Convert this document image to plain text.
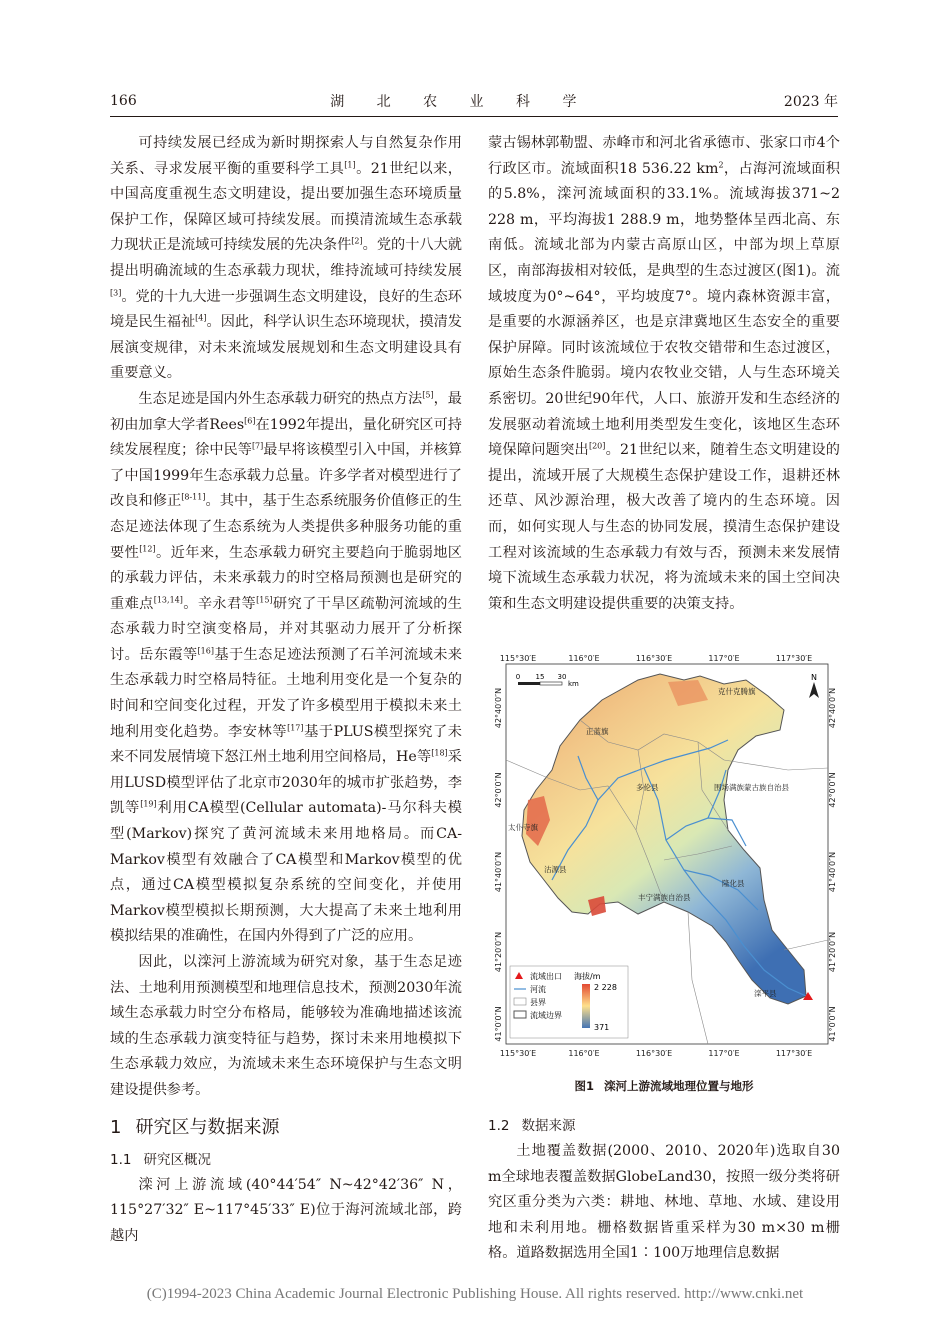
166	湖 北 农 业 科 学	2023 年

可持续发展已经成为新时期探索人与自然复杂作用关系、寻求发展平衡的重要科学工具[1]。21世纪以来，中国高度重视生态文明建设，提出要加强生态环境质量保护工作，保障区域可持续发展。而摸清流域生态承载力现状正是流域可持续发展的先决条件[2]。党的十八大就提出明确流域的生态承载力现状，维持流域可持续发展[3]。党的十九大进一步强调生态文明建设，良好的生态环境是民生福祉[4]。因此，科学认识生态环境现状，摸清发展演变规律，对未来流域发展规划和生态文明建设具有重要意义。

生态足迹是国内外生态承载力研究的热点方法[5]，最初由加拿大学者Rees[6]在1992年提出，量化研究区可持续发展程度；徐中民等[7]最早将该模型引入中国，并核算了中国1999年生态承载力总量。许多学者对模型进行了改良和修正[8-11]。其中，基于生态系统服务价值修正的生态足迹法体现了生态系统为人类提供多种服务功能的重要性[12]。近年来，生态承载力研究主要趋向于脆弱地区的承载力评估，未来承载力的时空格局预测也是研究的重难点[13,14]。辛永君等[15]研究了干旱区疏勒河流域的生态承载力时空演变格局，并对其驱动力展开了分析探讨。岳东霞等[16]基于生态足迹法预测了石羊河流域未来生态承载力时空格局特征。土地利用变化是一个复杂的时间和空间变化过程，开发了许多模型用于模拟未来土地利用变化趋势。李安林等[17]基于PLUS模型探究了未来不同发展情境下怒江州土地利用空间格局，He等[18]采用LUSD模型评估了北京市2030年的城市扩张趋势，李凯等[19]利用CA模型(Cellular automata)-马尔科夫模型(Markov)探究了黄河流域未来用地格局。而CA-Markov模型有效融合了CA模型和Markov模型的优点，通过CA模型模拟复杂系统的空间变化，并使用Markov模型模拟长期预测，大大提高了未来土地利用模拟结果的准确性，在国内外得到了广泛的应用。

因此，以滦河上游流域为研究对象，基于生态足迹法、土地利用预测模型和地理信息技术，预测2030年流域生态承载力时空分布格局，能够较为准确地描述该流域的生态承载力演变特征与趋势，探讨未来用地模拟下生态承载力效应，为流域未来生态环境保护与生态文明建设提供参考。

1 研究区与数据来源
1.1 研究区概况

滦河上游流域(40°44′54″ N~42°42′36″ N，115°27′32″ E~117°45′33″ E)位于海河流域北部，跨越内

蒙古锡林郭勒盟、赤峰市和河北省承德市、张家口市4个行政区市。流域面积18 536.22 $km^2$，占海河流域面积的5.8%，滦河流域面积的33.1%。流域海拔371~2 228 m，平均海拔1 288.9 m，地势整体呈西北高、东南低。流域北部为内蒙古高原山区，中部为坝上草原区，南部海拔相对较低，是典型的生态过渡区(图1)。流域坡度为0°~64°，平均坡度7°。境内森林资源丰富，是重要的水源涵养区，也是京津冀地区生态安全的重要保护屏障。同时该流域位于农牧交错带和生态过渡区，原始生态条件脆弱。境内农牧业交错，人与生态环境关系密切。20世纪90年代，人口、旅游开发和生态经济的发展驱动着流域土地利用类型发生变化，该地区生态环境保障问题突出[20]。21世纪以来，随着生态文明建设的提出，流域开展了大规模生态保护建设工作，退耕还林还草、风沙源治理，极大改善了境内的生态环境。因而，如何实现人与生态的协同发展，摸清生态保护建设工程对该流域的生态承载力有效与否，预测未来发展情境下流域生态承载力状况，将为流域未来的国土空间决策和生态文明建设提供重要的决策支持。

克什克腾旗
正蓝旗
多伦县	围场满族蒙古族自治县
太仆寺旗
沽源县
丰宁满族自治县
隆化县
滦平县
115°30′E	116°0′E	116°30′E	117°0′E	117°30′E
115°30′E	116°0′E	116°30′E	117°0′E	117°30′E
42°40′0″N
42°0′0″N
41°40′0″N
41°20′0″N
41°0′0″N
42°40′0″N
42°0′0″N
41°40′0″N
41°20′0″N
41°0′0″N
0 15 30
km
N
流域出口
河流
县界
流域边界
海拔/m
2 228
371
图1 滦河上游流域地理位置与地形
1.2 数据来源

土地覆盖数据(2000、2010、2020年)选取自30 m全球地表覆盖数据GlobeLand30，按照一级分类将研究区重分类为六类：耕地、林地、草地、水域、建设用地和未利用地。栅格数据皆重采样为30 m×30 m栅格。道路数据选用全国1∶100万地理信息数据

(C)1994-2023 China Academic Journal Electronic Publishing House. All rights reserved. http://www.cnki.net
